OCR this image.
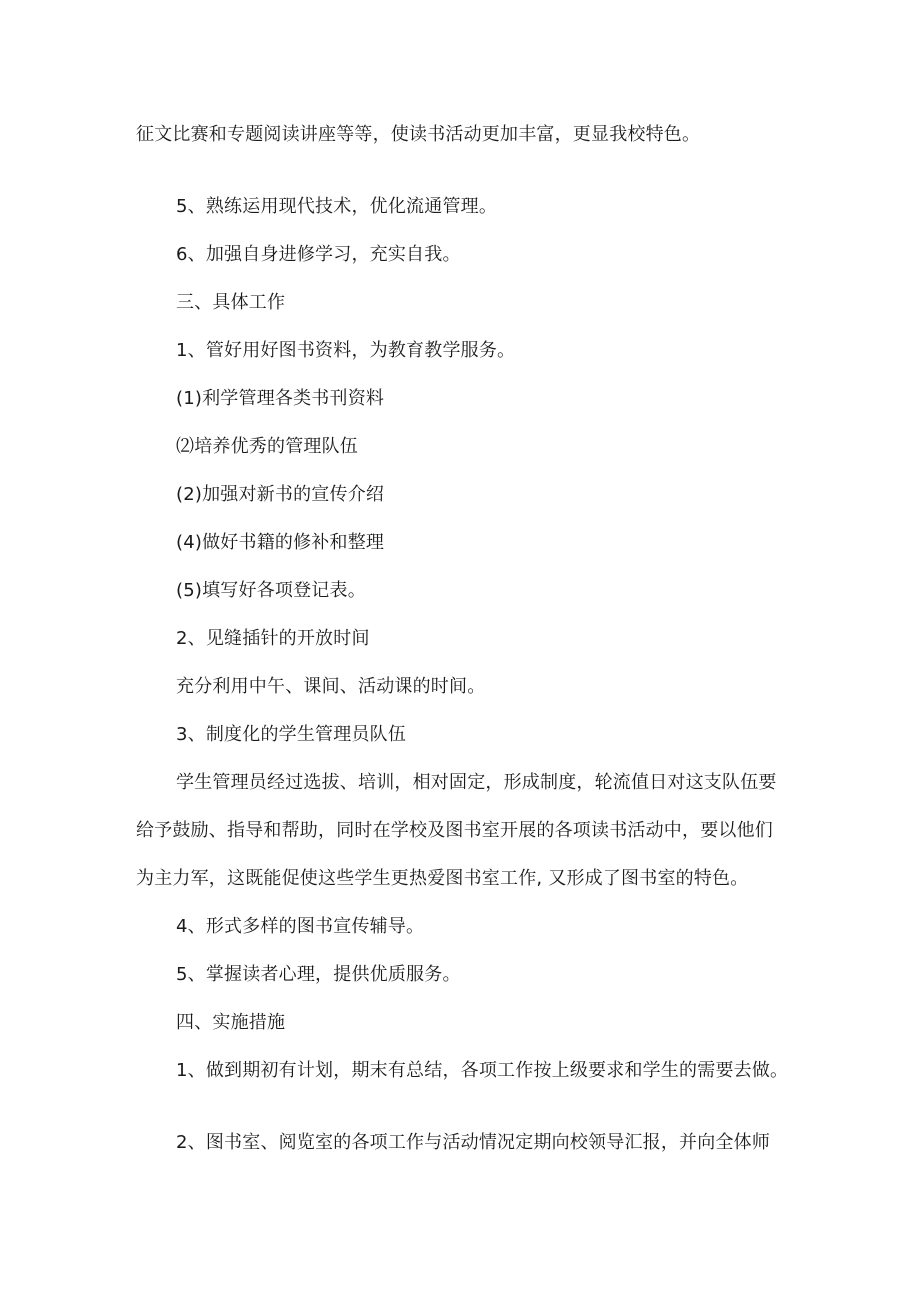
征文比赛和专题阅读讲座等等，使读书活动更加丰富，更显我校特色。
5、熟练运用现代技术，优化流通管理。
6、加强自身进修学习，充实自我。
三、具体工作
1、管好用好图书资料，为教育教学服务。
(1)利学管理各类书刊资料
⑵培养优秀的管理队伍
(2)加强对新书的宣传介绍
(4)做好书籍的修补和整理
(5)填写好各项登记表。
2、见缝插针的开放时间
充分利用中午、课间、活动课的时间。
3、制度化的学生管理员队伍
学生管理员经过选拔、培训，相对固定，形成制度，轮流值日对这支队伍要
给予鼓励、指导和帮助，同时在学校及图书室开展的各项读书活动中，要以他们
为主力军，这既能促使这些学生更热爱图书室工作, 又形成了图书室的特色。
4、形式多样的图书宣传辅导。
5、掌握读者心理，提供优质服务。
四、实施措施
1、做到期初有计划，期末有总结，各项工作按上级要求和学生的需要去做。
2、图书室、阅览室的各项工作与活动情况定期向校领导汇报，并向全体师
